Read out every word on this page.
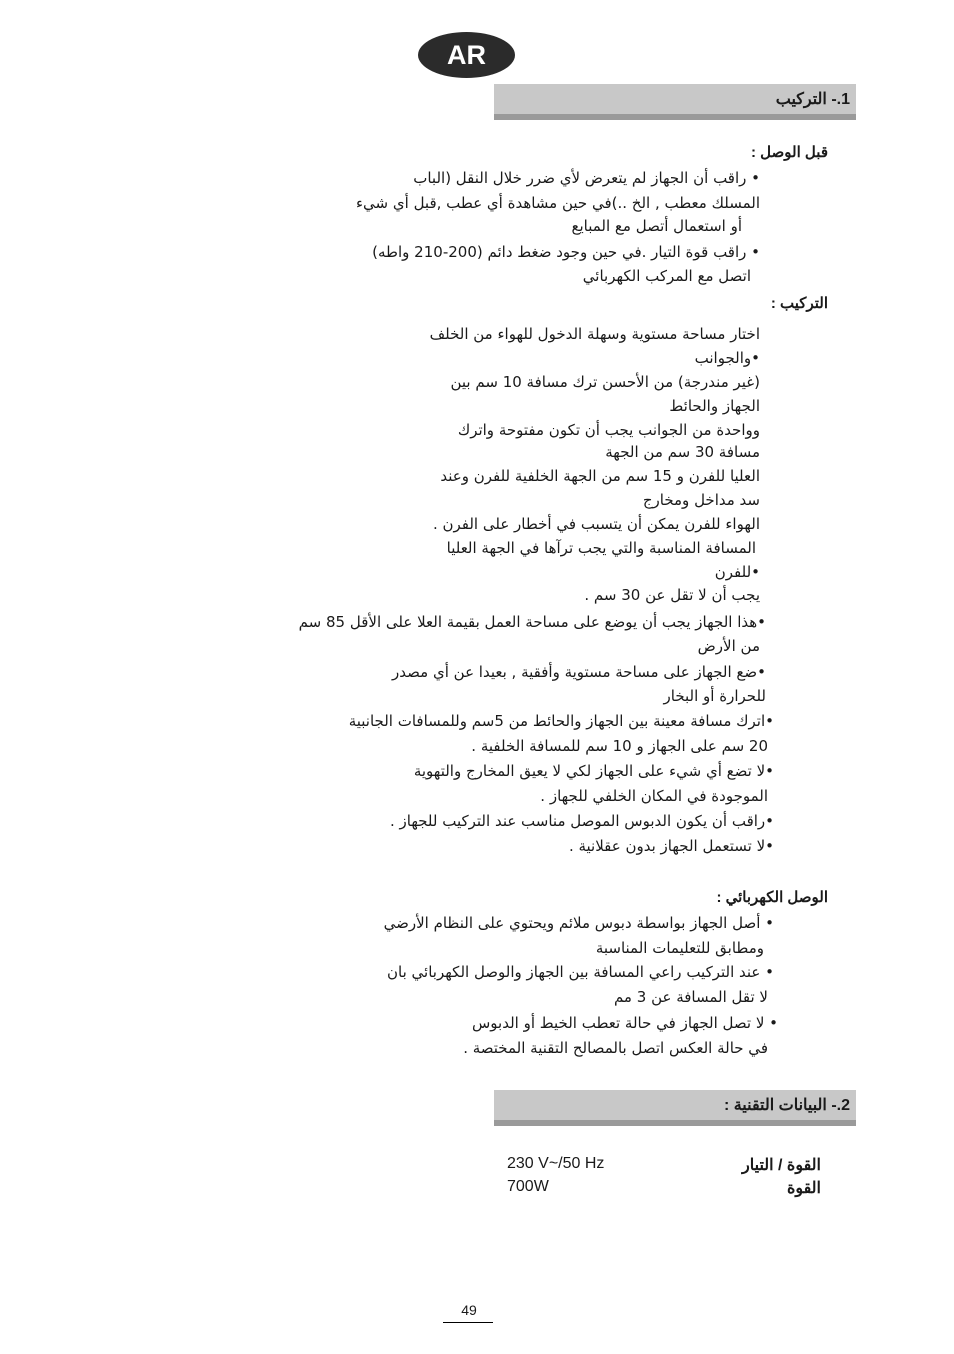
AR
1.- التركيب
قبل الوصل :
• راقب أن الجهاز لم يتعرض لأي ضرر خلال النقل (الباب
المسلك معطب , الخ ..)في حين مشاهدة أي عطب ,قبل أي شيء
أو استعمال أتصل مع المبايع
• راقب قوة التيار .في حين وجود ضغط دائم (200-210 واطه)
اتصل مع المركب الكهربائي
التركيب :
اختار مساحة مستوية وسهلة الدخول للهواء من الخلف
•والجوانب
(غير مندرجة) من الأحسن ترك مسافة 10 سم بين
الجهاز والحائط
وواحدة من الجوانب يجب أن تكون مفتوحة واترك
مسافة 30 سم من الجهة
العليا للفرن و 15 سم من الجهة الخلفية للفرن وعند
سد مداخل ومخارج
الهواء للفرن يمكن أن يتسبب في أخطار على الفرن .
المسافة المناسبة والتي يجب ترآها في الجهة العليا
•للفرن
يجب أن لا تقل عن 30 سم .
•هذا الجهاز يجب أن يوضع على مساحة العمل بقيمة العلا على الأقل 85 سم
من الأرض
•ضع الجهاز على مساحة مستوية وأفقية , بعيدا عن أي مصدر
للحرارة أو البخار
•اترك مسافة معينة بين الجهاز والحائط من 5سم وللمسافات الجانبية
20 سم على الجهاز و 10 سم للمسافة الخلفية .
•لا تضع أي شيء على الجهاز لكي لا يعيق المخارج والتهوية
الموجودة في المكان الخلفي للجهاز .
•راقب أن يكون الدبوس الموصل مناسب عند التركيب للجهاز .
•لا تستعمل الجهاز بدون عقلانية .
الوصل الكهربائي :
• أصل الجهاز بواسطة دبوس ملائم ويحتوي على النظام الأرضي
ومطابق للتعليمات المناسبة
• عند التركيب راعي المسافة بين الجهاز والوصل الكهربائي بان
لا تقل المسافة عن 3 مم
• لا تصل الجهاز في حالة تعطب الخيط أو الدبوس
في حالة العكس اتصل بالمصالح التقنية المختصة .
2.- البيانات التقنية :
القوة / التيار
230 V~/50 Hz
القوة
700W
49
